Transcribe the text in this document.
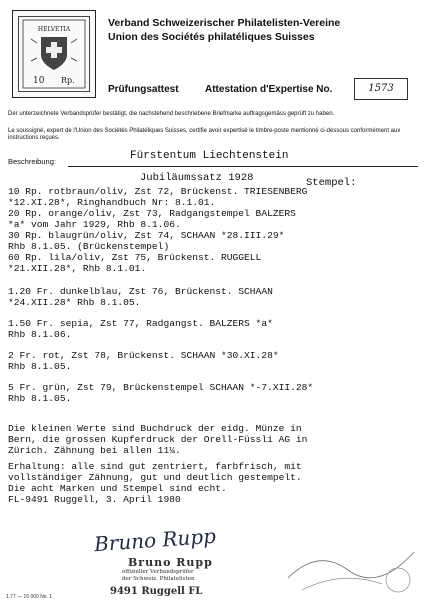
HELVETIA
10 Rp.
Verband Schweizerischer Philatelisten-Vereine
Union des Sociétés philatéliques Suisses
Prüfungsattest	Attestation d'Expertise No.	1573
Der unterzeichnete Verbandsprüfer bestätigt, die nachstehend beschriebene Briefmarke auftragsgemäss geprüft zu haben.
Le soussigné, expert de l'Union des Sociétés Philatéliques Suisses, certifie avoir expertisé le timbre-poste mentionné ci-dessous conformément aux instructions reçues.
Beschreibung:	Fürstentum Liechtenstein
Jubiläumssatz 1928	Stempel:
10 Rp. rotbraun/oliv, Zst 72, Brückenst. TRIESENBERG
*12.XI.28*, Ringhandbuch Nr: 8.1.01.
20 Rp. orange/oliv, Zst 73, Radgangstempel BALZERS
*a* vom Jahr 1929, Rhb 8.1.06.
30 Rp. blaugrün/oliv, Zst 74, SCHAAN *28.III.29*
Rhb 8.1.05. (Brückenstempel)
60 Rp. lila/oliv, Zst 75, Brückenst. RUGGELL
*21.XII.28*, Rhb 8.1.01.
1.20 Fr. dunkelblau, Zst 76, Brückenst. SCHAAN
*24.XII.28* Rhb 8.1.05.
1.50 Fr. sepia, Zst 77, Radgangst. BALZERS *a*
Rhb 8.1.06.
2 Fr. rot, Zst 78, Brückenst. SCHAAN *30.XI.28*
Rhb 8.1.05.
5 Fr. grün, Zst 79, Brückenstempel SCHAAN *-7.XII.28*
Rhb 8.1.05.
Die kleinen Werte sind Buchdruck der eidg. Münze in
Bern, die grossen Kupferdruck der Orell-Füssli AG in
Zürich. Zähnung bei allen 11¼.
Erhaltung: alle sind gut zentriert, farbfrisch, mit
vollständiger Zähnung, gut und deutlich gestempelt.
Die acht Marken und Stempel sind echt.
FL-9491 Ruggell, 3. April 1980
Bruno Rupp
Bruno Rupp
offizieller Verbandsprüfer
der Schweiz. Philatelisten
9491 Ruggell FL
1.77 — 15 000 No. 1
